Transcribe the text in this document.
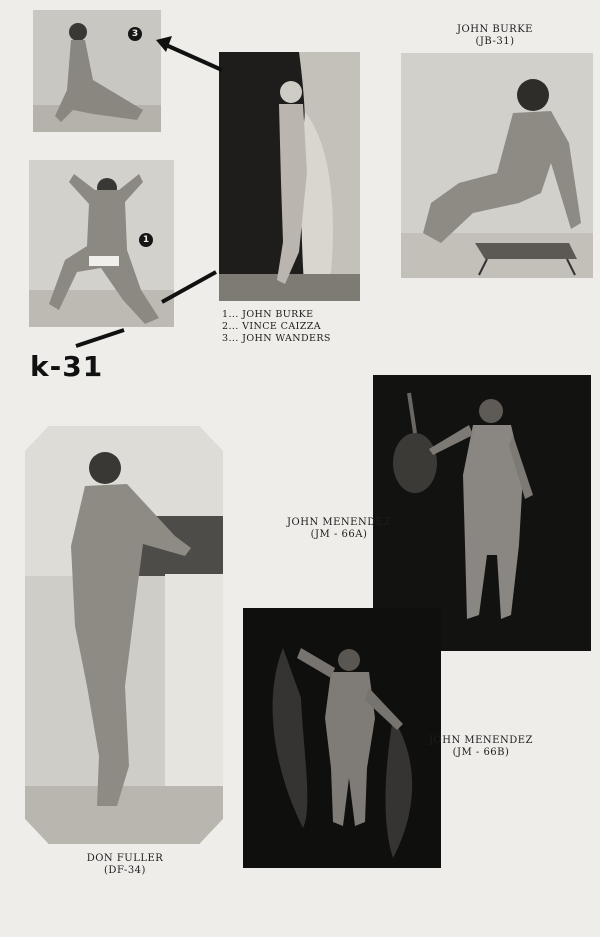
3
1
1... JOHN BURKE
2... VINCE CAIZZA
3... JOHN WANDERS
k-31
JOHN BURKE
(JB-31)
JOHN MENENDEZ
(JM - 66A)
DON FULLER
(DF-34)
JOHN MENENDEZ
(JM - 66B)
